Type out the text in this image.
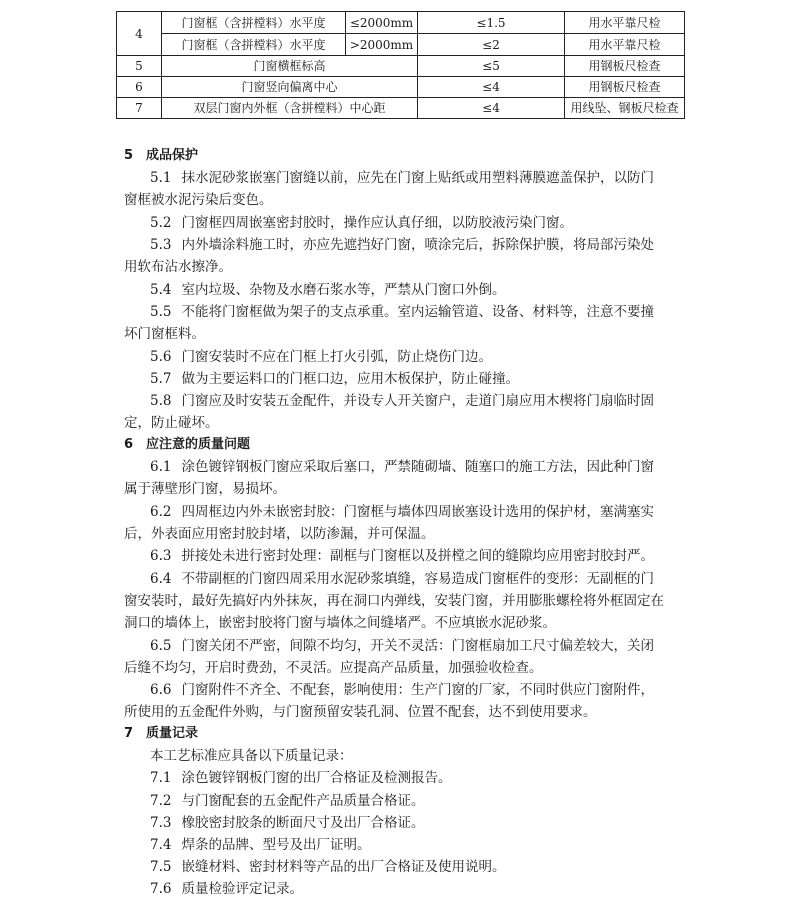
4	门窗框（含拼樘料）水平度	≤2000mm	≤1.5	用水平靠尺检
	门窗框（含拼樘料）水平度	>2000mm	≤2	用水平靠尺检
5	门窗横框标高		≤5	用钢板尺检查
6	门窗竖向偏离中心		≤4	用钢板尺检查
7	双层门窗内外框（含拼樘料）中心距		≤4	用线坠、钢板尺检查
5　成品保护
5.1 抹水泥砂浆嵌塞门窗缝以前，应先在门窗上贴纸或用塑料薄膜遮盖保护，以防门
窗框被水泥污染后变色。
5.2 门窗框四周嵌塞密封胶时，操作应认真仔细，以防胶液污染门窗。
5.3 内外墙涂料施工时，亦应先遮挡好门窗，喷涂完后，拆除保护膜，将局部污染处
用软布沾水擦净。
5.4 室内垃圾、杂物及水磨石浆水等，严禁从门窗口外倒。
5.5 不能将门窗框做为架子的支点承重。室内运输管道、设备、材料等，注意不要撞
坏门窗框料。
5.6 门窗安装时不应在门框上打火引弧，防止烧伤门边。
5.7 做为主要运料口的门框口边，应用木板保护，防止碰撞。
5.8 门窗应及时安装五金配件，并设专人开关窗户，走道门扇应用木楔将门扇临时固
定，防止碰坏。
6　应注意的质量问题
6.1 涂色镀锌钢板门窗应采取后塞口，严禁随砌墙、随塞口的施工方法，因此种门窗
属于薄壁形门窗，易损坏。
6.2 四周框边内外未嵌密封胶：门窗框与墙体四周嵌塞设计选用的保护材，塞满塞实
后，外表面应用密封胶封堵，以防渗漏，并可保温。
6.3 拼接处未进行密封处理：副框与门窗框以及拼樘之间的缝隙均应用密封胶封严。
6.4 不带副框的门窗四周采用水泥砂浆填缝，容易造成门窗框件的变形：无副框的门
窗安装时，最好先搞好内外抹灰，再在洞口内弹线，安装门窗，并用膨胀螺栓将外框固定在
洞口的墙体上，嵌密封胶将门窗与墙体之间缝堵严。不应填嵌水泥砂浆。
6.5 门窗关闭不严密，间隙不均匀，开关不灵活：门窗框扇加工尺寸偏差较大，关闭
后缝不均匀，开启时费劲，不灵活。应提高产品质量，加强验收检查。
6.6 门窗附件不齐全、不配套，影响使用：生产门窗的厂家，不同时供应门窗附件，
所使用的五金配件外购，与门窗预留安装孔洞、位置不配套，达不到使用要求。
7　质量记录
本工艺标准应具备以下质量记录：
7.1 涂色镀锌钢板门窗的出厂合格证及检测报告。
7.2 与门窗配套的五金配件产品质量合格证。
7.3 橡胶密封胶条的断面尺寸及出厂合格证。
7.4 焊条的品牌、型号及出厂证明。
7.5 嵌缝材料、密封材料等产品的出厂合格证及使用说明。
7.6 质量检验评定记录。
